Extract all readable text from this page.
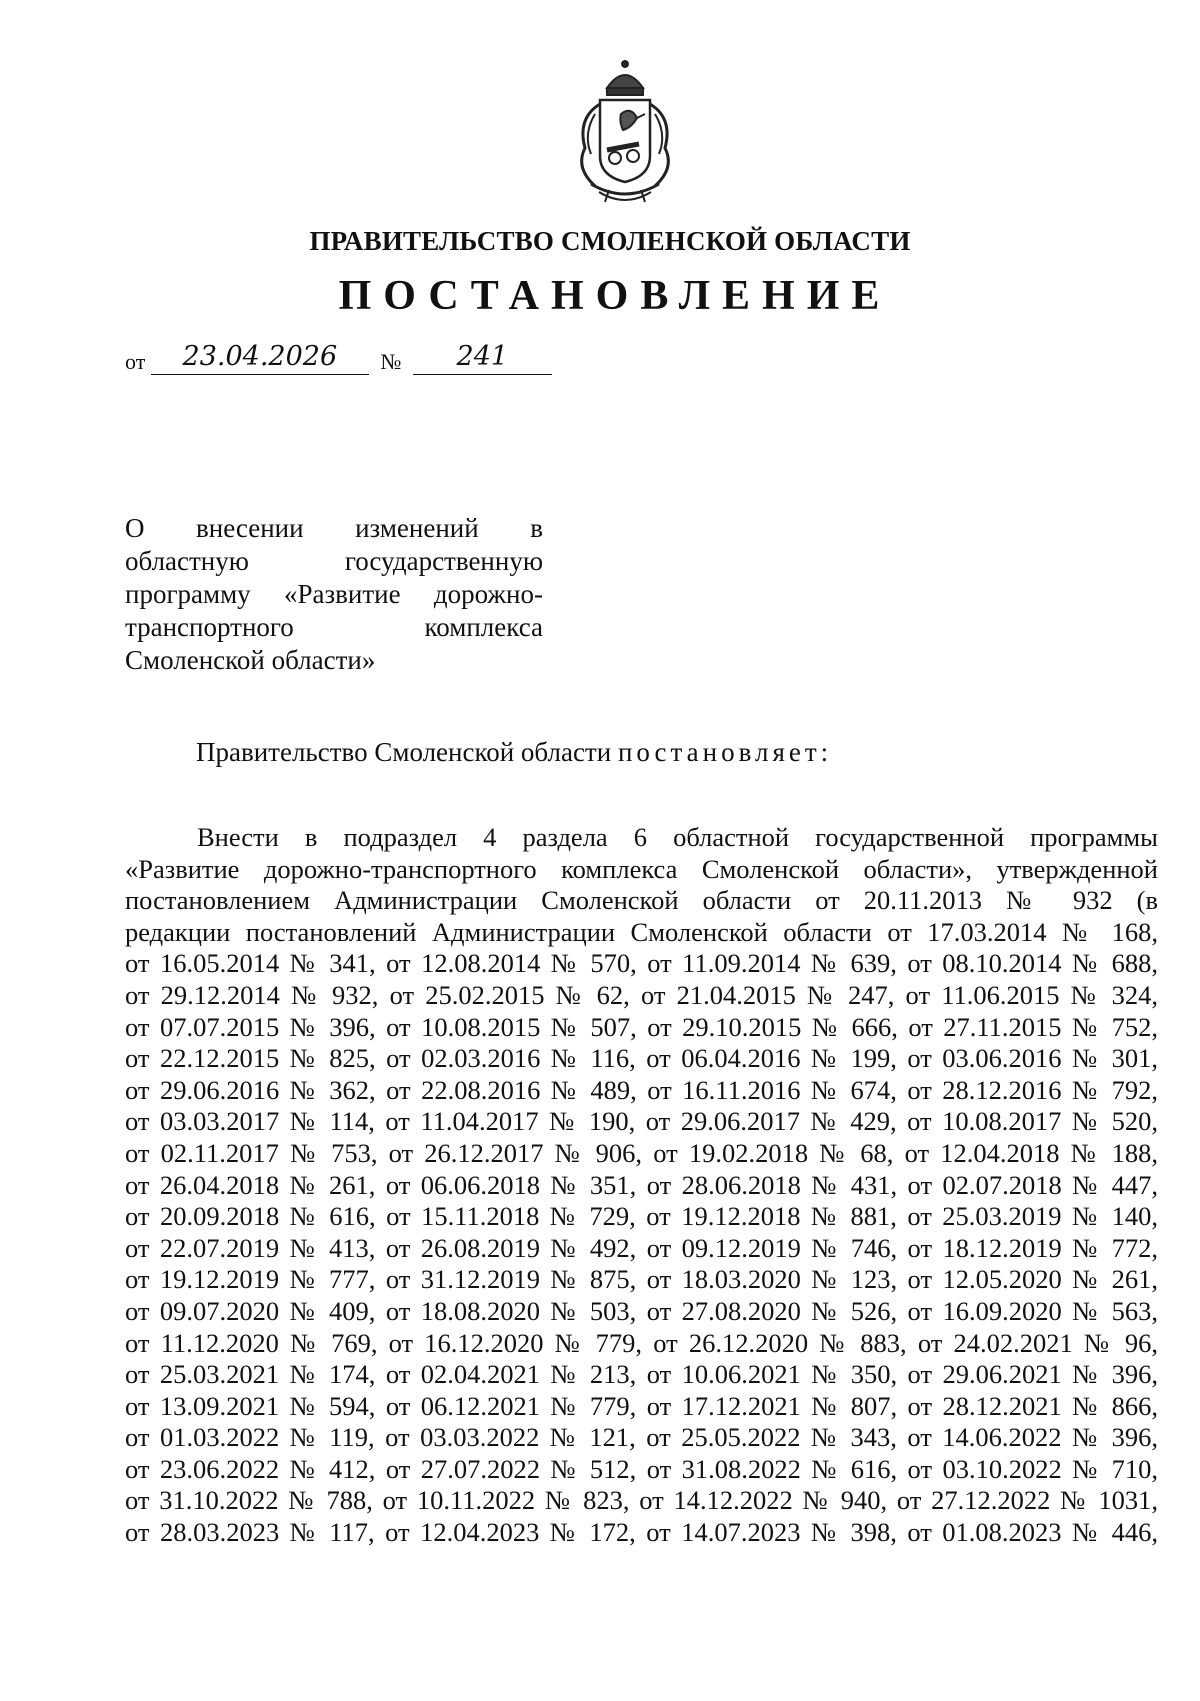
ПРАВИТЕЛЬСТВО СМОЛЕНСКОЙ ОБЛАСТИ
ПОСТАНОВЛЕНИЕ
от 23.04.2026 № 241
О внесении изменений в
областную государственную
программу «Развитие дорожно-
транспортного комплекса
Смоленской области»
Правительство Смоленской области постановляет:
Внести в подраздел 4 раздела 6 областной государственной программы
«Развитие дорожно-транспортного комплекса Смоленской области», утвержденной
постановлением Администрации Смоленской области от 20.11.2013 № 932 (в
редакции постановлений Администрации Смоленской области от 17.03.2014 № 168,
от 16.05.2014 № 341, от 12.08.2014 № 570, от 11.09.2014 № 639, от 08.10.2014 № 688,
от 29.12.2014 № 932, от 25.02.2015 № 62, от 21.04.2015 № 247, от 11.06.2015 № 324,
от 07.07.2015 № 396, от 10.08.2015 № 507, от 29.10.2015 № 666, от 27.11.2015 № 752,
от 22.12.2015 № 825, от 02.03.2016 № 116, от 06.04.2016 № 199, от 03.06.2016 № 301,
от 29.06.2016 № 362, от 22.08.2016 № 489, от 16.11.2016 № 674, от 28.12.2016 № 792,
от 03.03.2017 № 114, от 11.04.2017 № 190, от 29.06.2017 № 429, от 10.08.2017 № 520,
от 02.11.2017 № 753, от 26.12.2017 № 906, от 19.02.2018 № 68, от 12.04.2018 № 188,
от 26.04.2018 № 261, от 06.06.2018 № 351, от 28.06.2018 № 431, от 02.07.2018 № 447,
от 20.09.2018 № 616, от 15.11.2018 № 729, от 19.12.2018 № 881, от 25.03.2019 № 140,
от 22.07.2019 № 413, от 26.08.2019 № 492, от 09.12.2019 № 746, от 18.12.2019 № 772,
от 19.12.2019 № 777, от 31.12.2019 № 875, от 18.03.2020 № 123, от 12.05.2020 № 261,
от 09.07.2020 № 409, от 18.08.2020 № 503, от 27.08.2020 № 526, от 16.09.2020 № 563,
от 11.12.2020 № 769, от 16.12.2020 № 779, от 26.12.2020 № 883, от 24.02.2021 № 96,
от 25.03.2021 № 174, от 02.04.2021 № 213, от 10.06.2021 № 350, от 29.06.2021 № 396,
от 13.09.2021 № 594, от 06.12.2021 № 779, от 17.12.2021 № 807, от 28.12.2021 № 866,
от 01.03.2022 № 119, от 03.03.2022 № 121, от 25.05.2022 № 343, от 14.06.2022 № 396,
от 23.06.2022 № 412, от 27.07.2022 № 512, от 31.08.2022 № 616, от 03.10.2022 № 710,
от 31.10.2022 № 788, от 10.11.2022 № 823, от 14.12.2022 № 940, от 27.12.2022 № 1031,
от 28.03.2023 № 117, от 12.04.2023 № 172, от 14.07.2023 № 398, от 01.08.2023 № 446,
